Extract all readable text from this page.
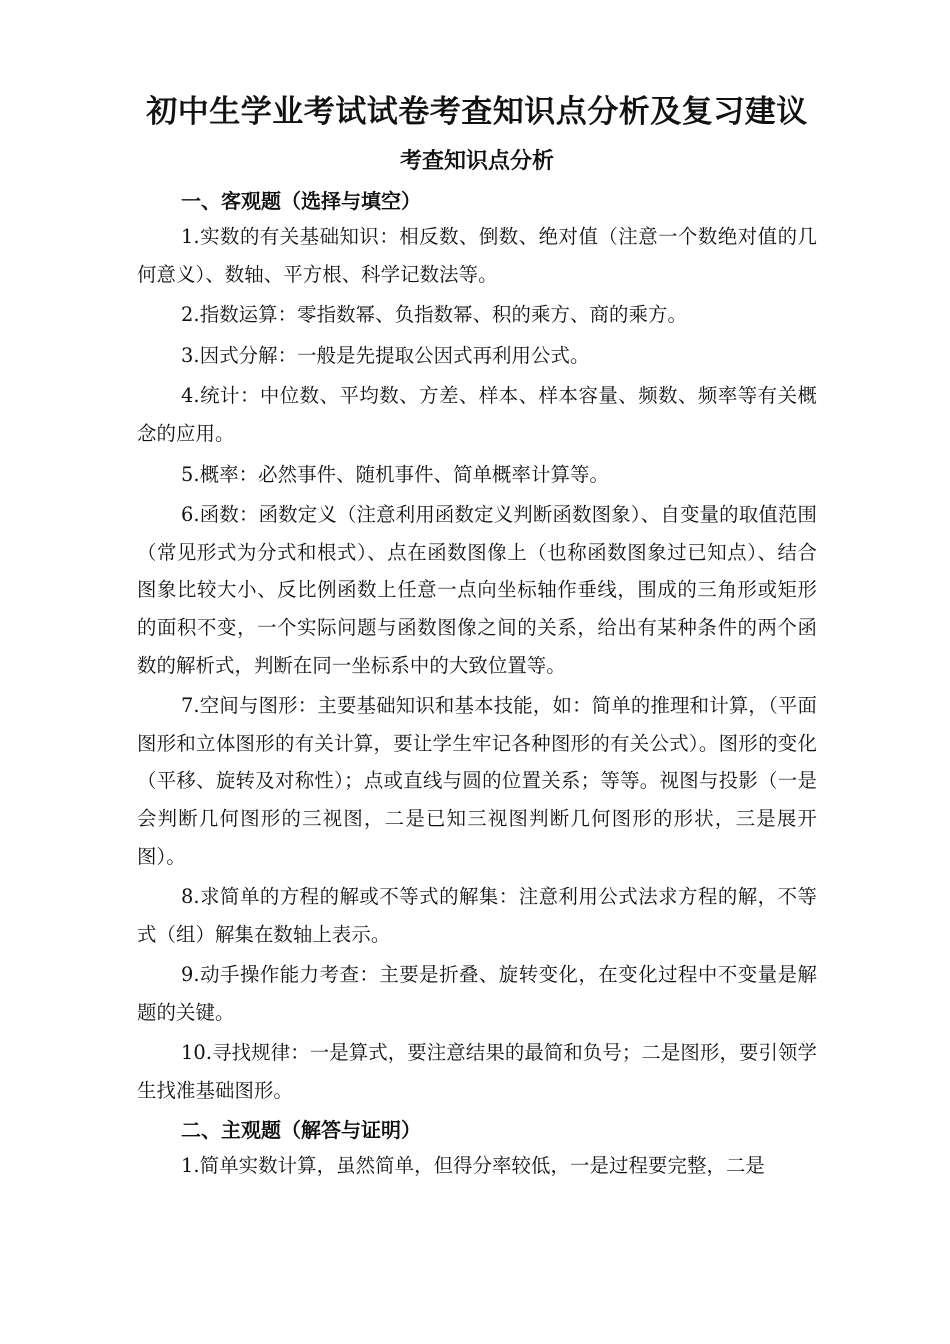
初中生学业考试试卷考查知识点分析及复习建议
考查知识点分析
一、客观题（选择与填空）

1.实数的有关基础知识：相反数、倒数、绝对值（注意一个数绝对值的几何意义）、数轴、平方根、科学记数法等。

2.指数运算：零指数幂、负指数幂、积的乘方、商的乘方。

3.因式分解：一般是先提取公因式再利用公式。

4.统计：中位数、平均数、方差、样本、样本容量、频数、频率等有关概念的应用。

5.概率：必然事件、随机事件、简单概率计算等。

6.函数：函数定义（注意利用函数定义判断函数图象）、自变量的取值范围（常见形式为分式和根式）、点在函数图像上（也称函数图象过已知点）、结合图象比较大小、反比例函数上任意一点向坐标轴作垂线，围成的三角形或矩形的面积不变，一个实际问题与函数图像之间的关系，给出有某种条件的两个函数的解析式，判断在同一坐标系中的大致位置等。

7.空间与图形：主要基础知识和基本技能，如：简单的推理和计算，（平面图形和立体图形的有关计算，要让学生牢记各种图形的有关公式）。图形的变化（平移、旋转及对称性）；点或直线与圆的位置关系；等等。视图与投影（一是会判断几何图形的三视图，二是已知三视图判断几何图形的形状，三是展开图）。

8.求简单的方程的解或不等式的解集：注意利用公式法求方程的解，不等式（组）解集在数轴上表示。

9.动手操作能力考查：主要是折叠、旋转变化，在变化过程中不变量是解题的关键。

10.寻找规律：一是算式，要注意结果的最简和负号；二是图形，要引领学生找准基础图形。

二、主观题（解答与证明）

1.简单实数计算，虽然简单，但得分率较低，一是过程要完整，二是
